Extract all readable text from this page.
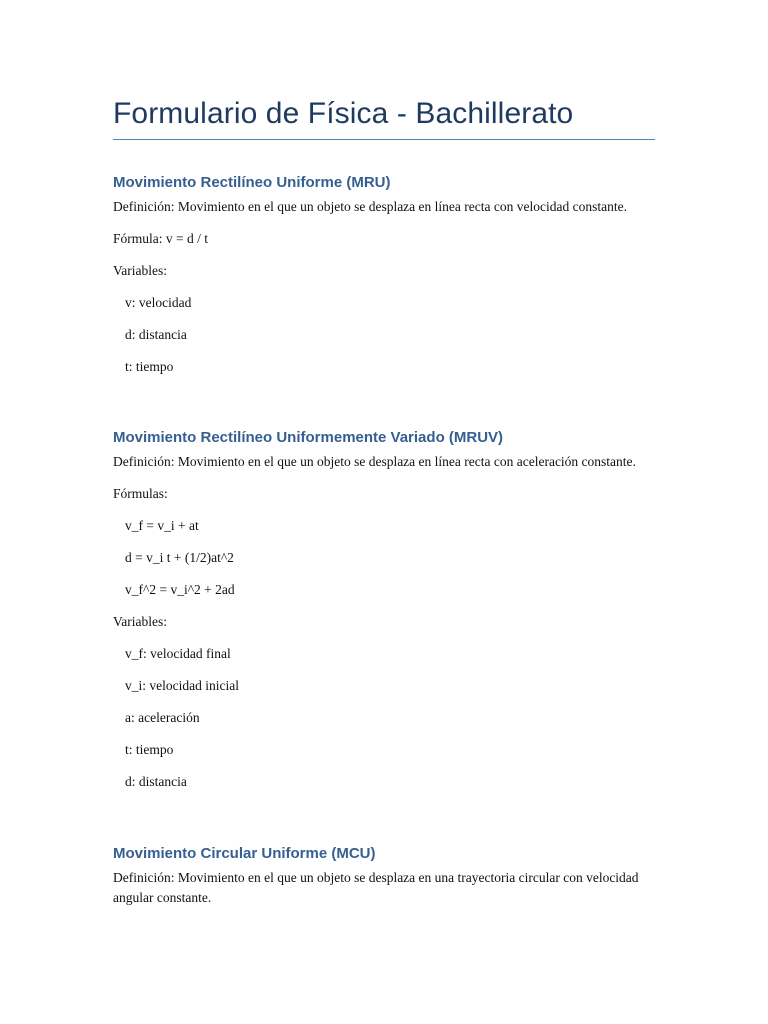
Formulario de Física - Bachillerato
Movimiento Rectilíneo Uniforme (MRU)

Definición: Movimiento en el que un objeto se desplaza en línea recta con velocidad constante.

Fórmula: v = d / t

Variables:

v: velocidad

d: distancia

t: tiempo

Movimiento Rectilíneo Uniformemente Variado (MRUV)

Definición: Movimiento en el que un objeto se desplaza en línea recta con aceleración constante.

Fórmulas:

v_f = v_i + at

d = v_i t + (1/2)at^2

v_f^2 = v_i^2 + 2ad

Variables:

v_f: velocidad final

v_i: velocidad inicial

a: aceleración

t: tiempo

d: distancia

Movimiento Circular Uniforme (MCU)

Definición: Movimiento en el que un objeto se desplaza en una trayectoria circular con velocidad angular constante.
